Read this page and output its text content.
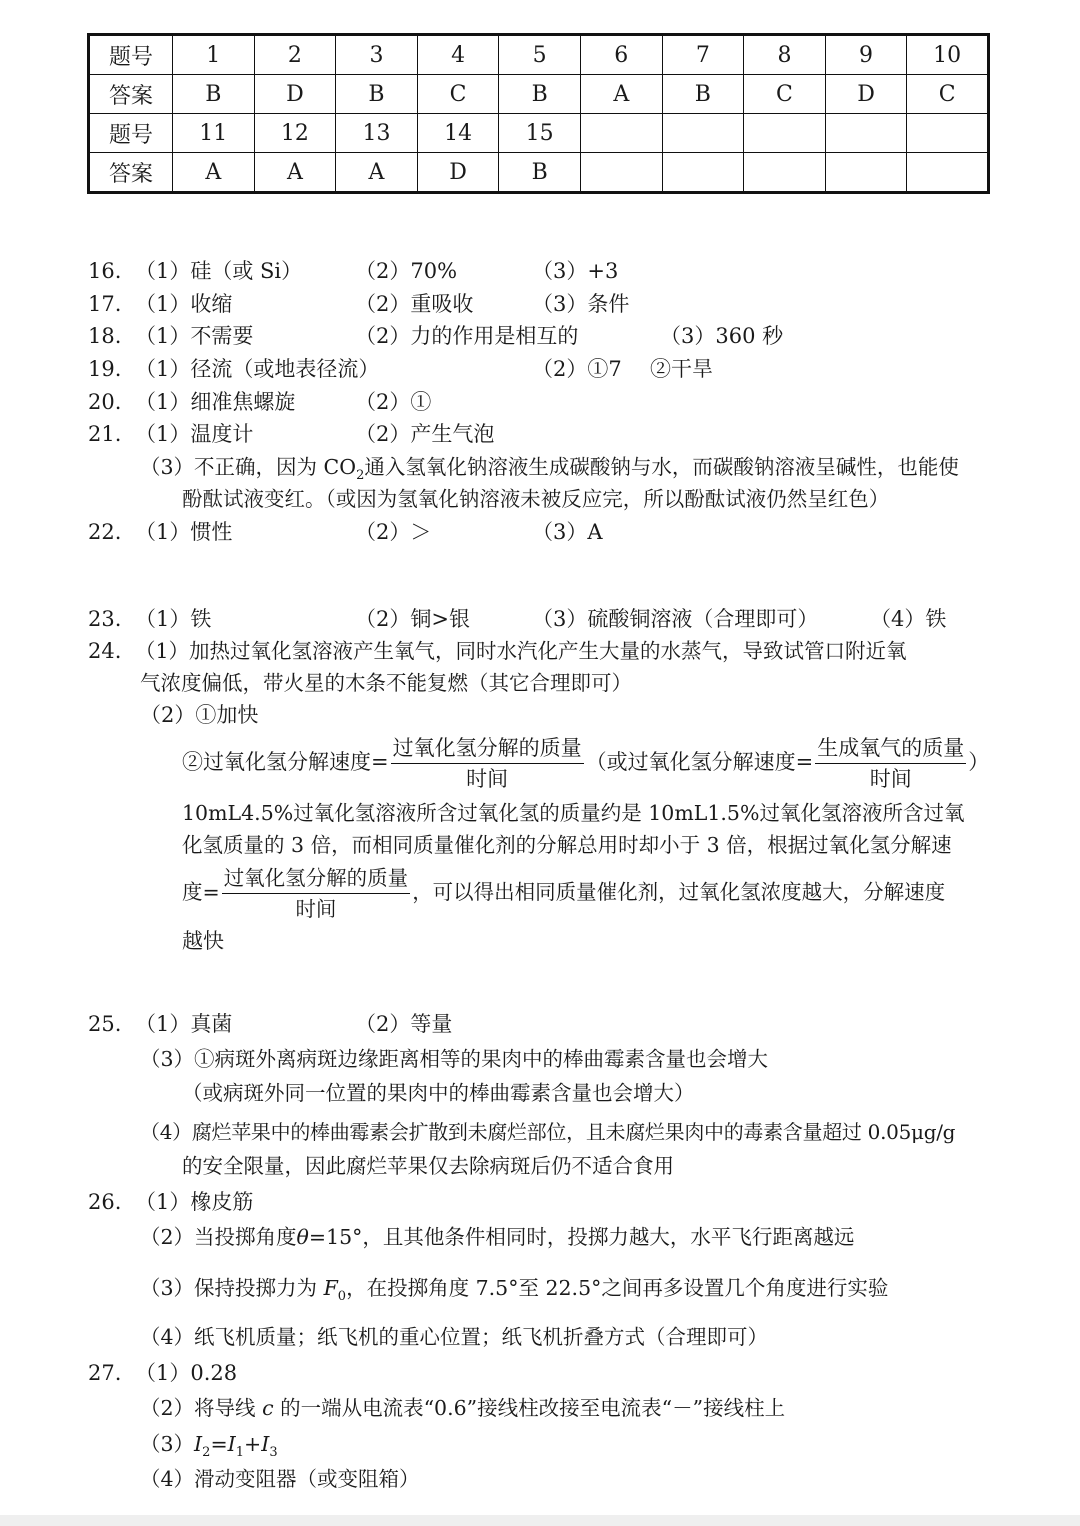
题号	1	2	3	4	5	6	7	8	9	10
答案	B	D	B	C	B	A	B	C	D	C
题号	11	12	13	14	15					
答案	A	A	A	D	B					
16. （1）硅（或 Si）	（2）70%	（3）+3
17. （1）收缩	（2）重吸收	（3）条件
18. （1）不需要	（2）力的作用是相互的	（3）360 秒
19. （1）径流（或地表径流）	（2）①7 ②干旱
20. （1）细准焦螺旋	（2）①
21. （1）温度计	（2）产生气泡
（3）不正确，因为 $CO_2$通入氢氧化钠溶液生成碳酸钠与水，而碳酸钠溶液呈碱性，也能使
酚酞试液变红。（或因为氢氧化钠溶液未被反应完，所以酚酞试液仍然呈红色）
22. （1）惯性	（2）＞	（3）A
23. （1）铁	（2）铜>银	（3）硫酸铜溶液（合理即可） （4）铁
24. （1）加热过氧化氢溶液产生氧气，同时水汽化产生大量的水蒸气，导致试管口附近氧
气浓度偏低，带火星的木条不能复燃（其它合理即可）
（2）①加快
②过氧化氢分解速度= $\frac{\text{过氧化氢分解的质量}}{\text{时间}}$ （或过氧化氢分解速度= $\frac{\text{生成氧气的质量}}{\text{时间}}$ ）
10mL4.5%过氧化氢溶液所含过氧化氢的质量约是 10mL1.5%过氧化氢溶液所含过氧
化氢质量的 3 倍，而相同质量催化剂的分解总用时却小于 3 倍，根据过氧化氢分解速
度= $\frac{\text{过氧化氢分解的质量}}{\text{时间}}$ ，可以得出相同质量催化剂，过氧化氢浓度越大，分解速度
越快
25. （1）真菌	（2）等量
（3）①病斑外离病斑边缘距离相等的果肉中的棒曲霉素含量也会增大
（或病斑外同一位置的果肉中的棒曲霉素含量也会增大）
（4）腐烂苹果中的棒曲霉素会扩散到未腐烂部位，且未腐烂果肉中的毒素含量超过 0.05μg/g
的安全限量，因此腐烂苹果仅去除病斑后仍不适合食用
26. （1）橡皮筋
（2）当投掷角度θ=15°，且其他条件相同时，投掷力越大，水平飞行距离越远
（3）保持投掷力为 $F_0$，在投掷角度 7.5°至 22.5°之间再多设置几个角度进行实验
（4）纸飞机质量；纸飞机的重心位置；纸飞机折叠方式（合理即可）
27. （1）0.28
（2）将导线 c 的一端从电流表“0.6”接线柱改接至电流表“－”接线柱上
$(3)I_2=I_1+I_3$
（4）滑动变阻器（或变阻箱）
